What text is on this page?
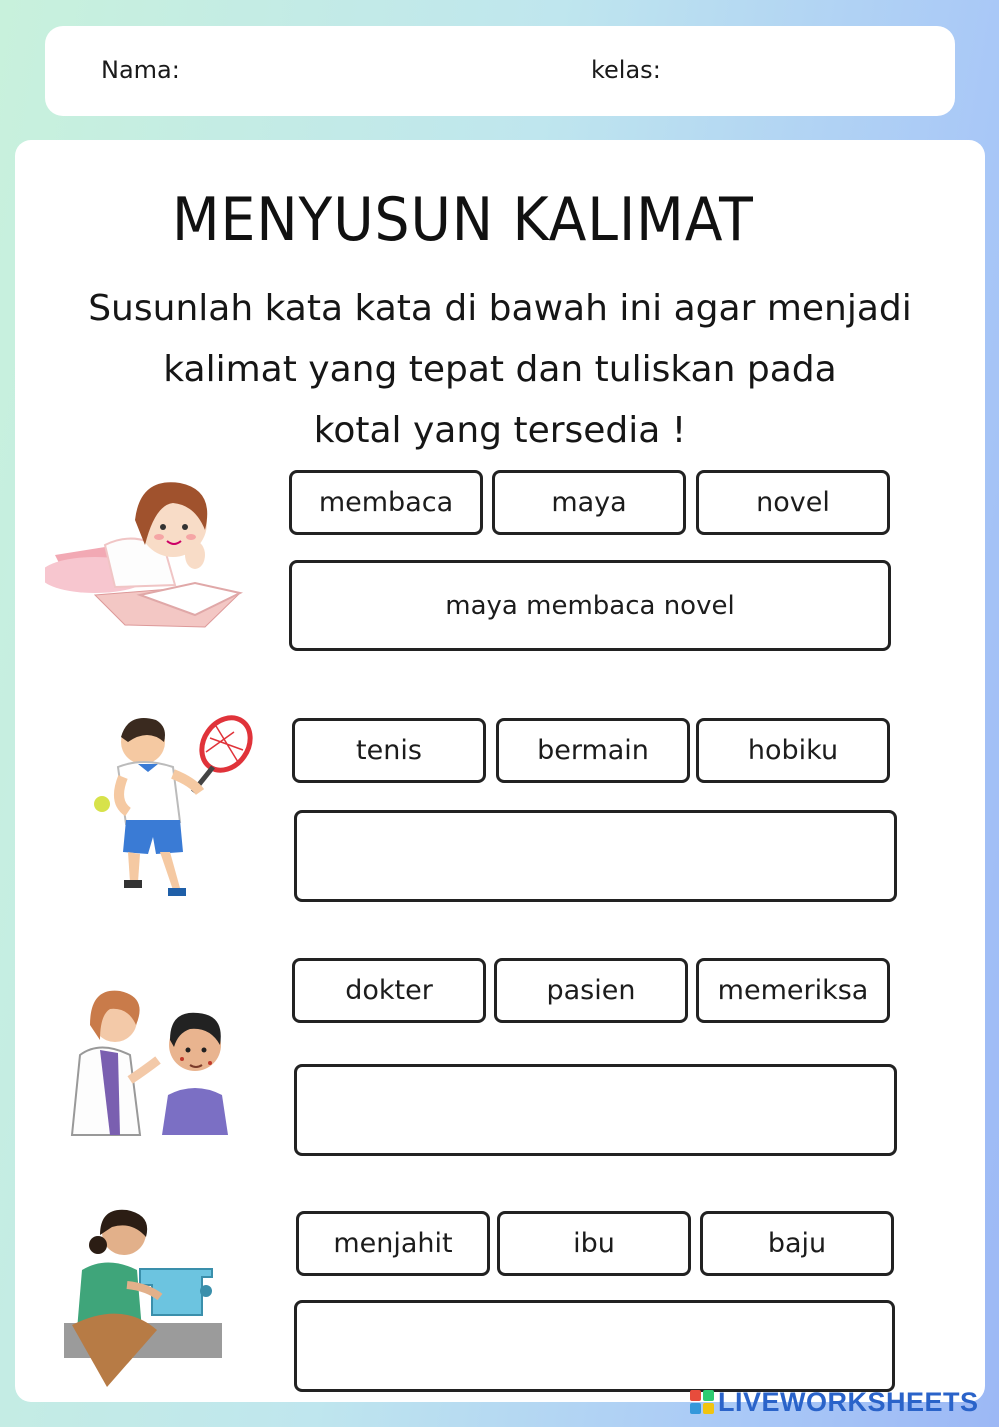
Nama:	kelas:
MENYUSUN KALIMAT
Susunlah kata kata di bawah ini agar menjadi
kalimat yang tepat dan tuliskan pada
kotal yang tersedia !
membaca	maya	novel
maya membaca novel
tenis	bermain	hobiku
dokter	pasien	memeriksa
menjahit	ibu	baju
LIVEWORKSHEETS
